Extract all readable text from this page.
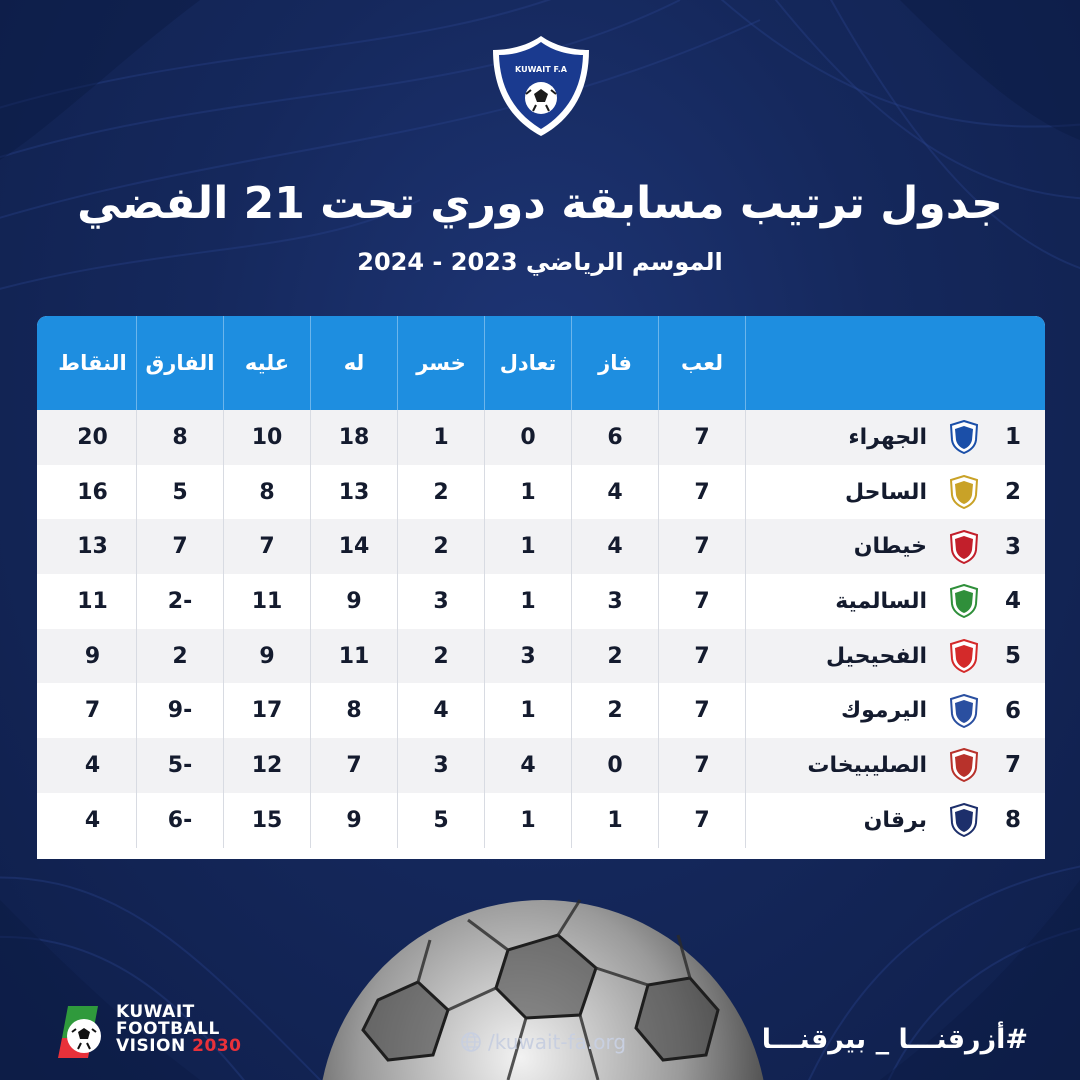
KUWAIT F.A
جدول ترتيب مسابقة دوري تحت 21 الفضي
الموسم الرياضي 2023 - 2024
لعب
فاز
تعادل
خسر
له
عليه
الفارق
النقاط
1
الجهراء
7
6
0
1
18
10
8
20
2
الساحل
7
4
1
2
13
8
5
16
3
خيطان
7
4
1
2
14
7
7
13
4
السالمية
7
3
1
3
9
11
-2
11
5
الفحيحيل
7
2
3
2
11
9
2
9
6
اليرموك
7
2
1
4
8
17
-9
7
7
الصليبيخات
7
0
4
3
7
12
-5
4
8
برقان
7
1
1
5
9
15
-6
4
KUWAIT
FOOTBALL
VISION 2030	/kuwait-fa.org	#أزرقنـــا _ بيرقنـــا
